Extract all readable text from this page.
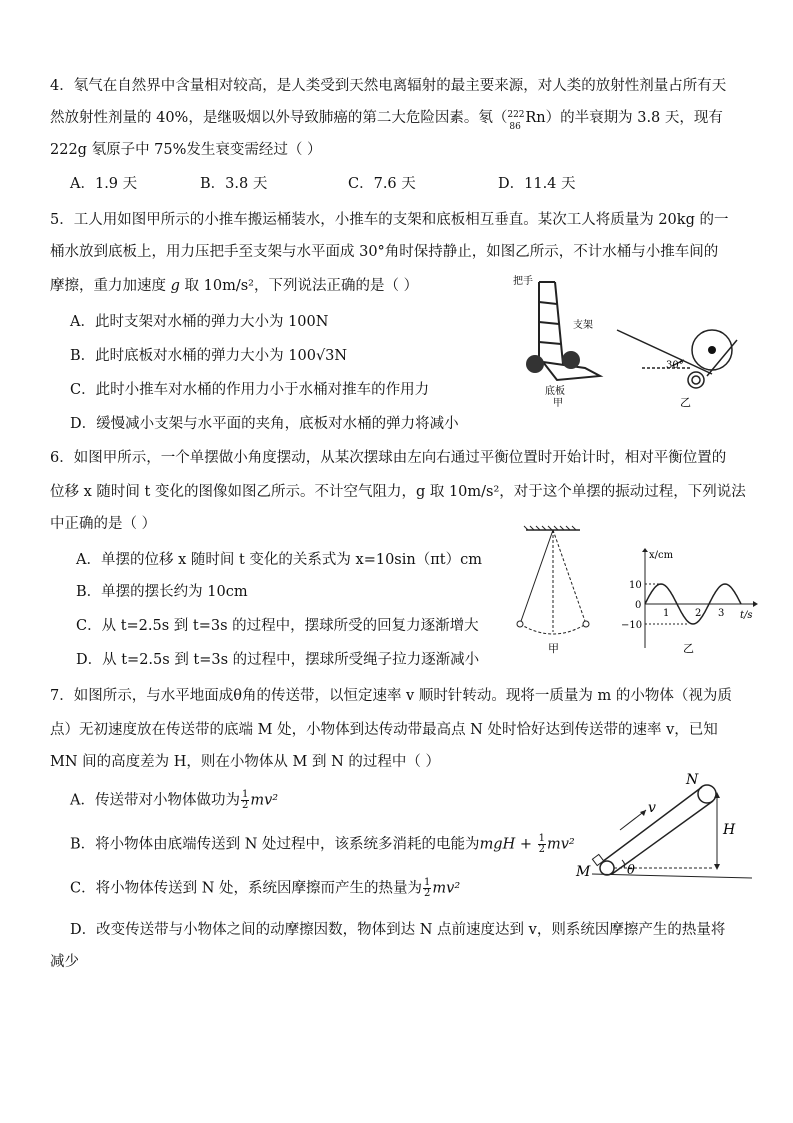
4．氡气在自然界中含量相对较高，是人类受到天然电离辐射的最主要来源，对人类的放射性剂量占所有天
然放射性剂量的 40%，是继吸烟以外导致肺癌的第二大危险因素。氡（ 222
86
Rn）的半衰期为 3.8 天，现有
222g 氡原子中 75%发生衰变需经过（ ）
A．1.9 天	B．3.8 天	C．7.6 天	D．11.4 天
5．工人用如图甲所示的小推车搬运桶装水，小推车的支架和底板相互垂直。某次工人将质量为 20kg 的一
桶水放到底板上，用力压把手至支架与水平面成 30°角时保持静止，如图乙所示，不计水桶与小推车间的
摩擦，重力加速度 g 取 10m/s²，下列说法正确的是（ ）
A．此时支架对水桶的弹力大小为 100N
B．此时底板对水桶的弹力大小为 100√3N
C．此时小推车对水桶的作用力小于水桶对推车的作用力
D．缓慢减小支架与水平面的夹角，底板对水桶的弹力将减小
把手
支架
底板
甲
30°
乙
6．如图甲所示，一个单摆做小角度摆动，从某次摆球由左向右通过平衡位置时开始计时，相对平衡位置的
位移 x 随时间 t 变化的图像如图乙所示。不计空气阻力，g 取 10m/s²，对于这个单摆的振动过程，下列说法
中正确的是（ ）
A．单摆的位移 x 随时间 t 变化的关系式为 x=10sin（πt）cm
B．单摆的摆长约为 10cm
C．从 t=2.5s 到 t=3s 的过程中，摆球所受的回复力逐渐增大
D．从 t=2.5s 到 t=3s 的过程中，摆球所受绳子拉力逐渐减小
甲
x/cm
t/s
10
0
−10
1	2 3
乙
7．如图所示，与水平地面成θ角的传送带，以恒定速率 v 顺时针转动。现将一质量为 m 的小物体（视为质
点）无初速度放在传送带的底端 M 处，小物体到达传动带最高点 N 处时恰好达到传送带的速率 v，已知
MN 间的高度差为 H，则在小物体从 M 到 N 的过程中（ ）
A．传送带对小物体做功为 $\frac{1}{2} mv^2$
B．将小物体由底端传送到 N 处过程中，该系统多消耗的电能为mgH + $\frac{1}{2} mv^2$
C．将小物体传送到 N 处，系统因摩擦而产生的热量为 $\frac{1}{2} mv^2$
D．改变传送带与小物体之间的动摩擦因数，物体到达 N 点前速度达到 v，则系统因摩擦产生的热量将
减少
N
M
H
v
θ
